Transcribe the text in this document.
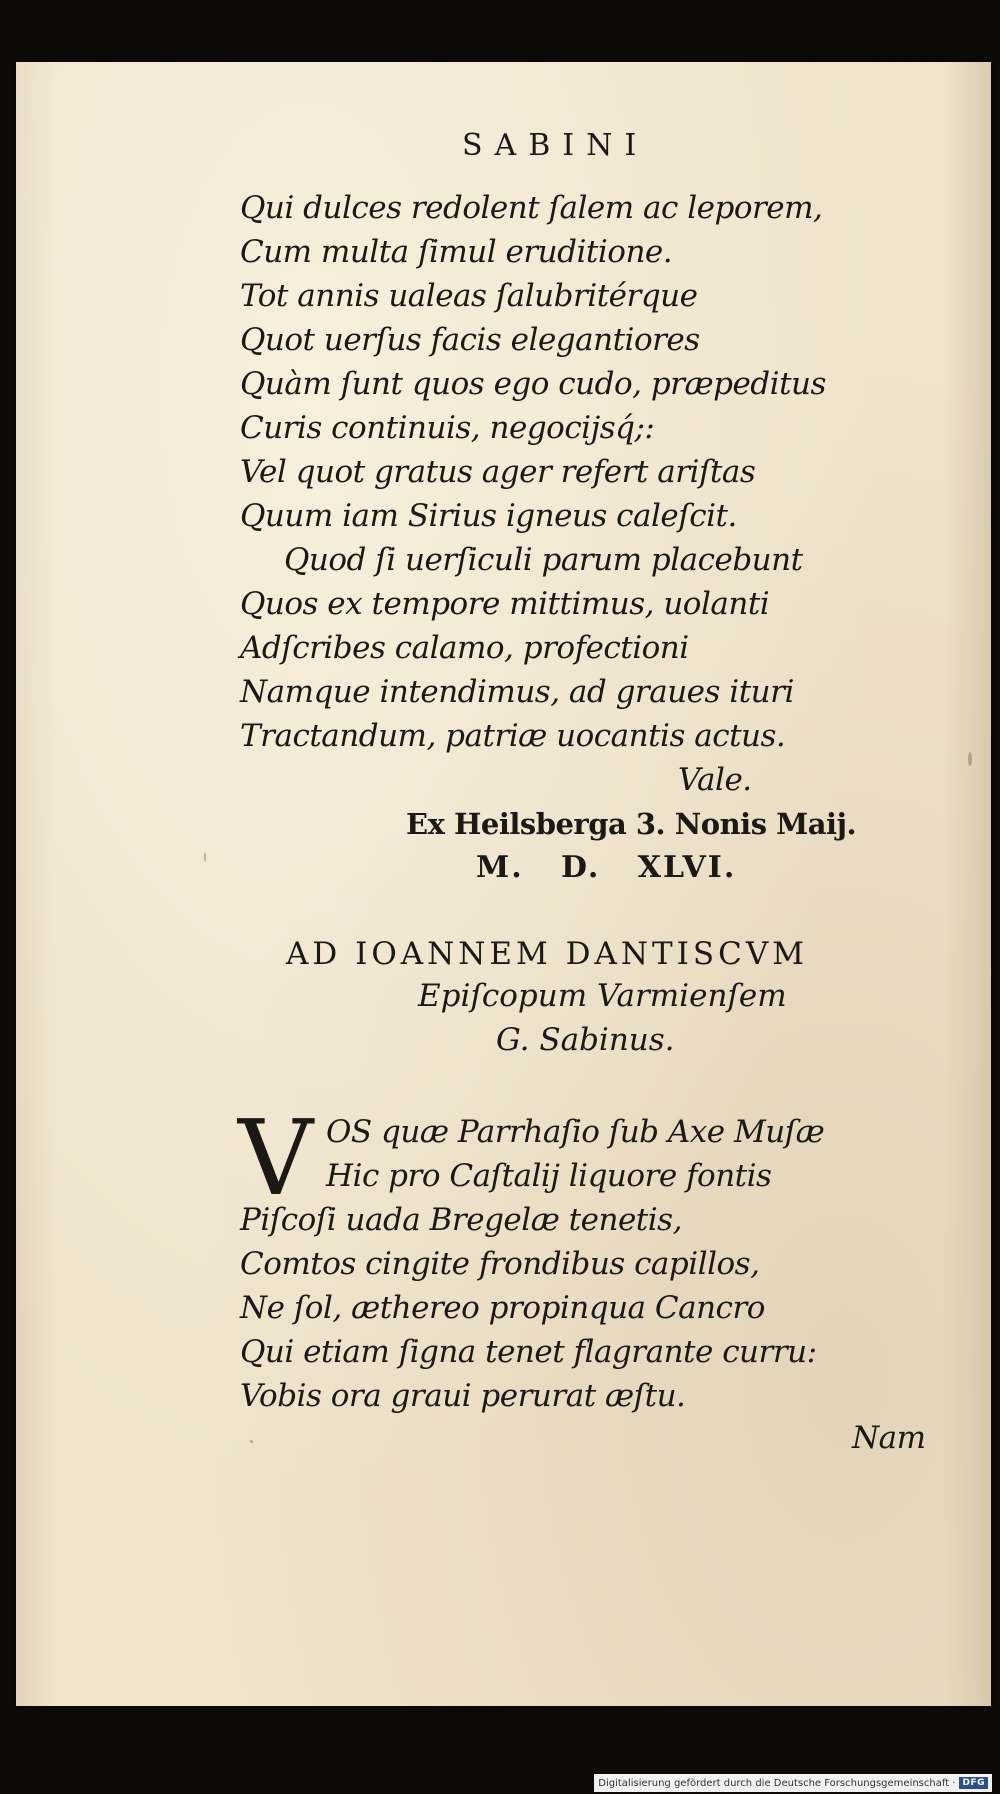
SABINI
Qui dulces redolent ſalem ac leporem,
Cum multa ſimul eruditione.
Tot annis ualeas ſalubritérque
Quot uerſus facis elegantiores
Quàm ſunt quos ego cudo, præpeditus
Curis continuis, negocijsq́;:
Vel quot gratus ager refert ariſtas
Quum iam Sirius igneus caleſcit.
Quod ſi uerſiculi parum placebunt
Quos ex tempore mittimus, uolanti
Adſcribes calamo, profectioni
Namque intendimus, ad graues ituri
Tractandum, patriæ uocantis actus.
Vale.
Ex Heilsberga 3. Nonis Maij.
M.   D.   XLVI.
AD IOANNEM DANTISCVM
Epiſcopum Varmienſem
G. Sabinus.
V OS quæ Parrhaſio ſub Axe Muſæ
Hic pro Caſtalij liquore fontis
Piſcoſi uada Bregelæ tenetis,
Comtos cingite frondibus capillos,
Ne ſol, æthereo propinqua Cancro
Qui etiam ſigna tenet flagrante curru:
Vobis ora graui perurat æſtu.
Nam
Digitalisierung gefördert durch die Deutsche Forschungsgemeinschaft · DFG
